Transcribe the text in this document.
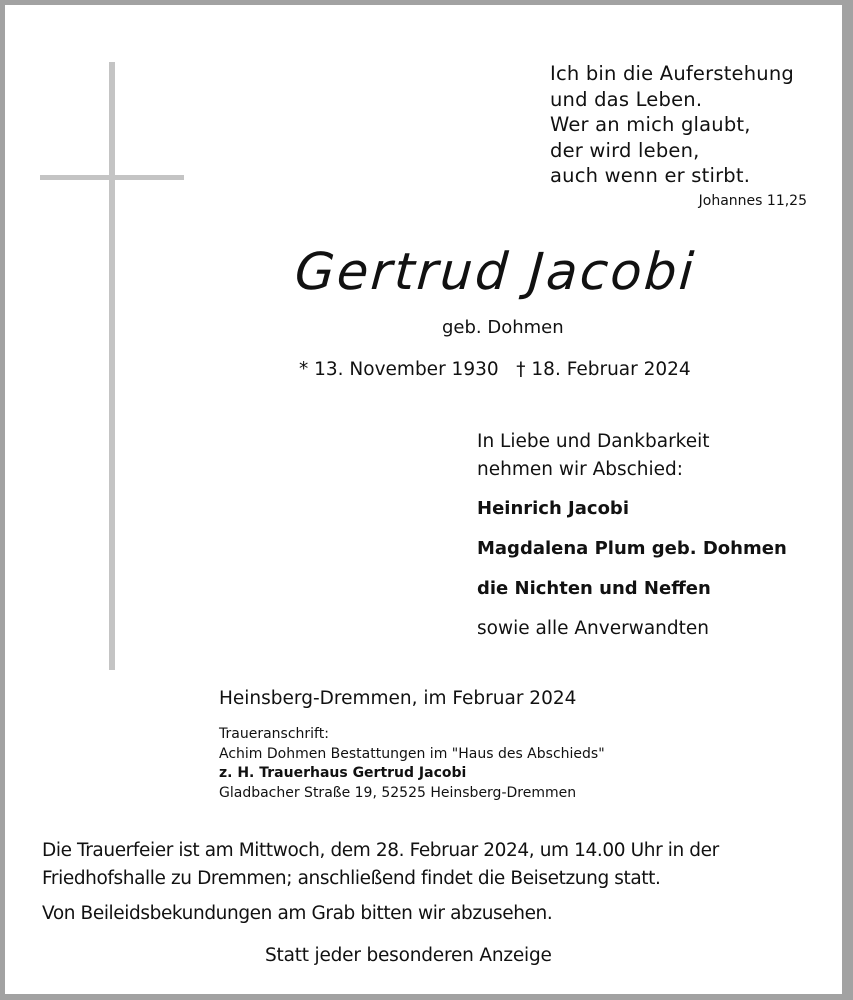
Ich bin die Auferstehung
und das Leben.
Wer an mich glaubt,
der wird leben,
auch wenn er stirbt.
Johannes 11,25
Gertrud Jacobi
geb. Dohmen
* 13. November 1930   † 18. Februar 2024
In Liebe und Dankbarkeit
nehmen wir Abschied:
Heinrich Jacobi
Magdalena Plum geb. Dohmen
die Nichten und Neffen
sowie alle Anverwandten
Heinsberg-Dremmen, im Februar 2024
Traueranschrift:
Achim Dohmen Bestattungen im "Haus des Abschieds"
z. H. Trauerhaus Gertrud Jacobi
Gladbacher Straße 19, 52525 Heinsberg-Dremmen
Die Trauerfeier ist am Mittwoch, dem 28. Februar 2024, um 14.00 Uhr in der
Friedhofshalle zu Dremmen; anschließend findet die Beisetzung statt.
Von Beileidsbekundungen am Grab bitten wir abzusehen.
Statt jeder besonderen Anzeige
